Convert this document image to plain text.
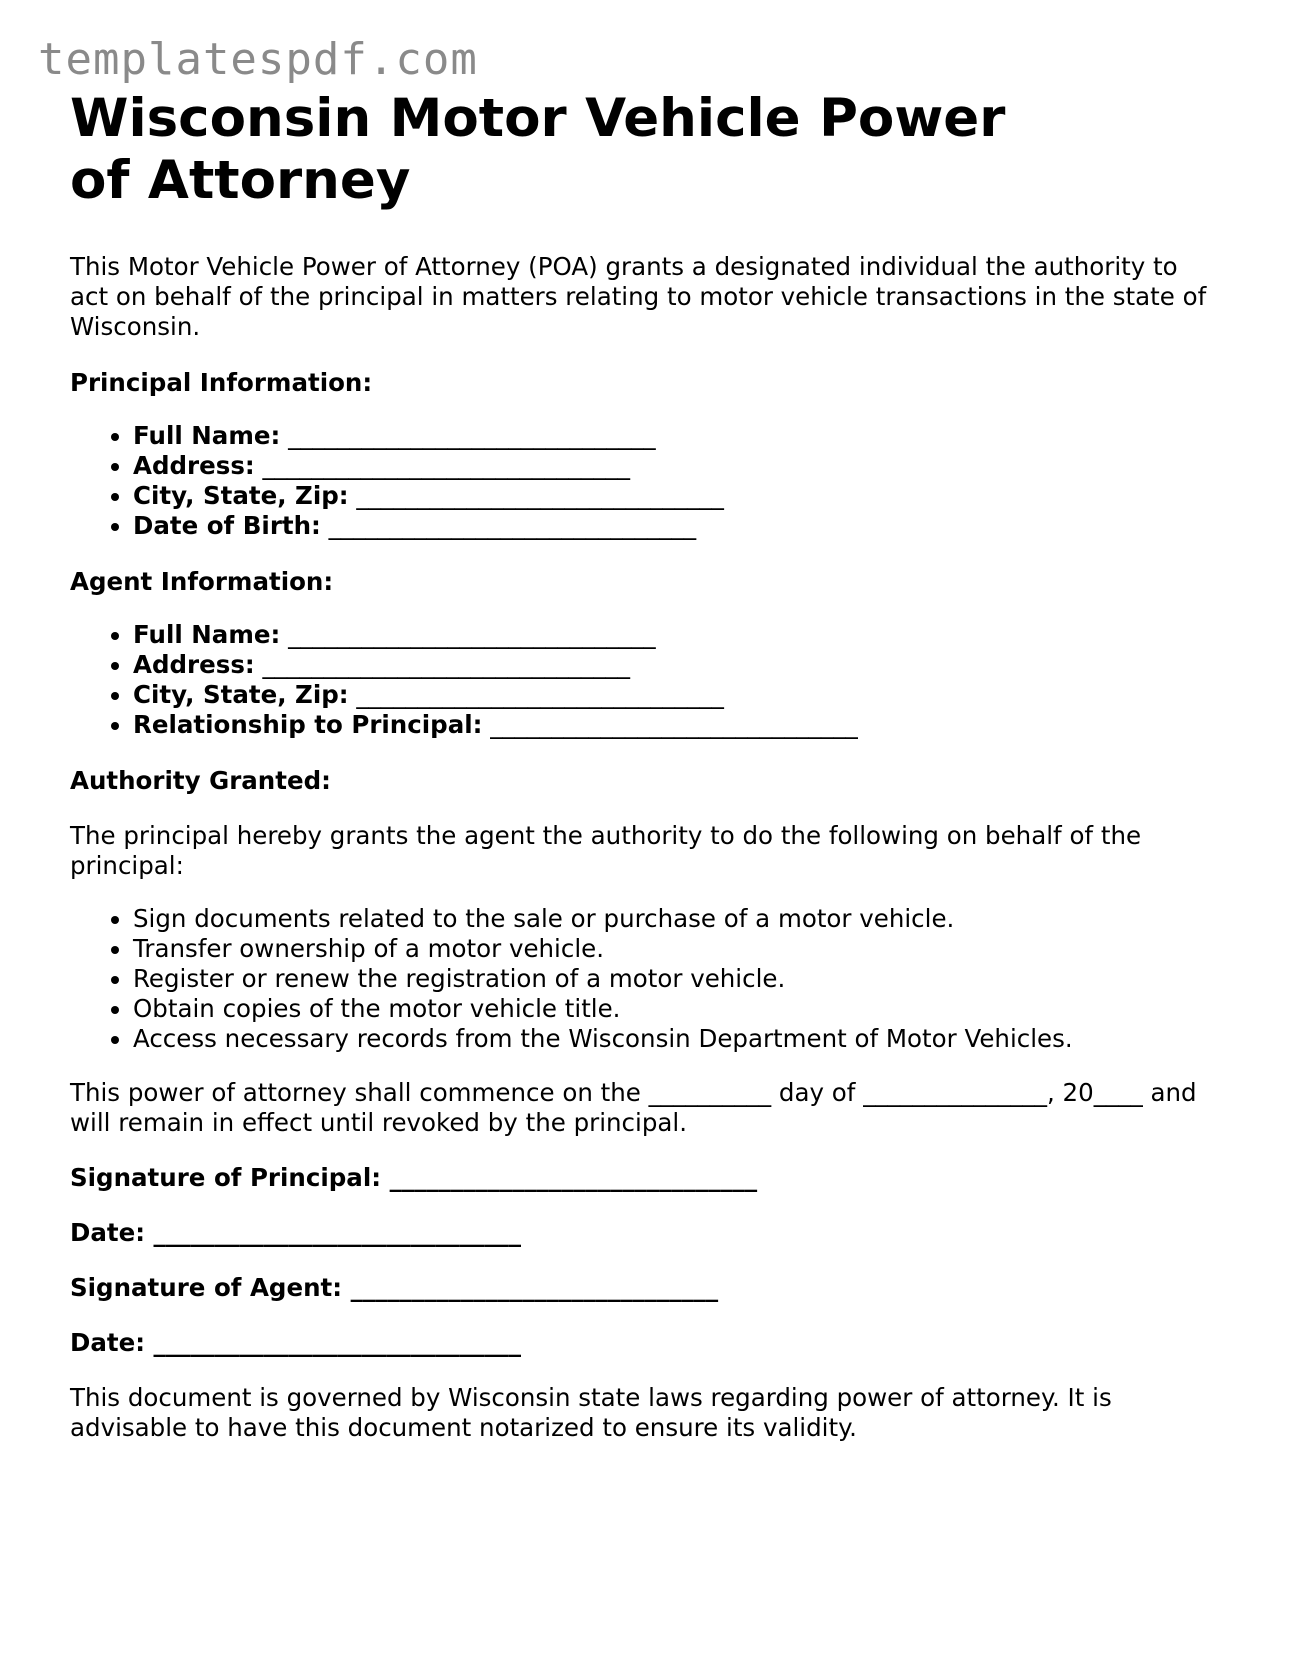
templatespdf.com
Wisconsin Motor Vehicle Power of Attorney

This Motor Vehicle Power of Attorney (POA) grants a designated individual the authority to act on behalf of the principal in matters relating to motor vehicle transactions in the state of Wisconsin.

Principal Information:

• Full Name: ______________________________
• Address: ______________________________
• City, State, Zip: ______________________________
• Date of Birth: ______________________________

Agent Information:

• Full Name: ______________________________
• Address: ______________________________
• City, State, Zip: ______________________________
• Relationship to Principal: ______________________________

Authority Granted:

The principal hereby grants the agent the authority to do the following on behalf of the principal:

• Sign documents related to the sale or purchase of a motor vehicle.
• Transfer ownership of a motor vehicle.
• Register or renew the registration of a motor vehicle.
• Obtain copies of the motor vehicle title.
• Access necessary records from the Wisconsin Department of Motor Vehicles.

This power of attorney shall commence on the __________ day of _______________, 20____ and will remain in effect until revoked by the principal.

Signature of Principal: ______________________________

Date: ______________________________

Signature of Agent: ______________________________

Date: ______________________________

This document is governed by Wisconsin state laws regarding power of attorney. It is advisable to have this document notarized to ensure its validity.
